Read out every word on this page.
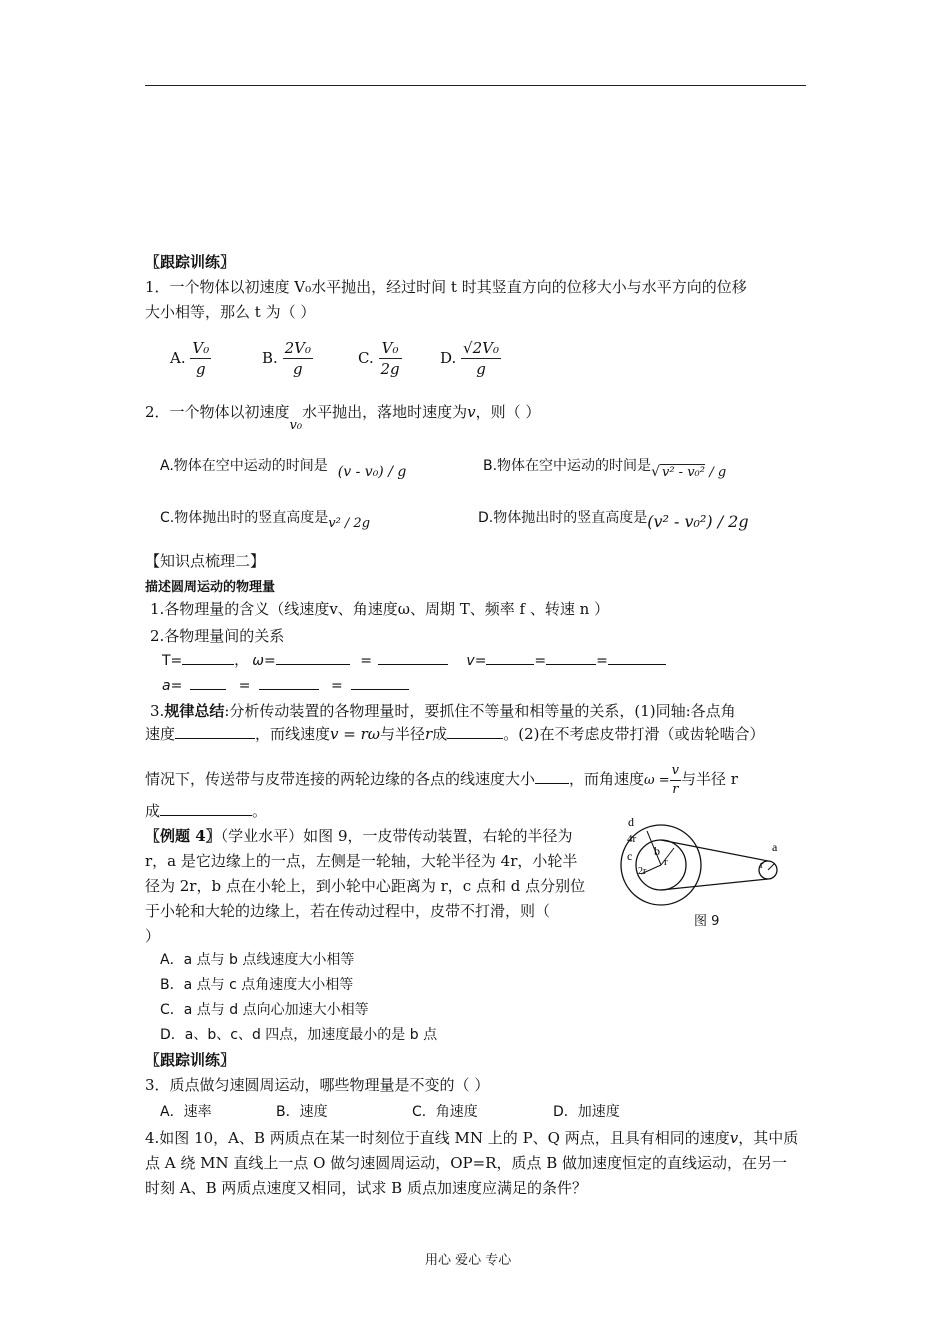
〖跟踪训练〗
1．一个物体以初速度 V₀水平抛出，经过时间 t 时其竖直方向的位移大小与水平方向的位移
大小相等，那么 t 为（ ）
A. $\frac{\text{V₀}}{g}$	B. $\frac{\text{2V₀}}{g}$	C. $\frac{\text{V₀}}{2g}$	D. $\frac{\text{√2V₀}}{g}$
2．一个物体以初速度v₀水平抛出，落地时速度为v，则（ ）
A.物体在空中运动的时间是 (v - v₀) / g	B.物体在空中运动的时间是√ v² - v₀² / g
C.物体抛出时的竖直高度是v² / 2g	D.物体抛出时的竖直高度是(v² - v₀²) / 2g
【知识点梳理二】
描述圆周运动的物理量
1.各物理量的含义（线速度v、角速度ω、周期 T、频率 f 、转速 n ）
2.各物理量间的关系
T=	， ω=	=	v=	=	=
a=	=	=
3.规律总结:分析传动装置的各物理量时，要抓住不等量和相等量的关系，(1)同轴:各点角
速度	，而线速度v = rω与半径r成	。(2)在不考虑皮带打滑（或齿轮啮合）
情况下，传送带与皮带连接的两轮边缘的各点的线速度大小 ，而角速度$\omega = \frac{v}{r}$ 与半径 r
成	。
〖例题 4〗（学业水平）如图 9，一皮带传动装置，右轮的半径为
r，a 是它边缘上的一点，左侧是一轮轴，大轮半径为 4r，小轮半
径为 2r，b 点在小轮上，到小轮中心距离为 r，c 点和 d 点分别位
于小轮和大轮的边缘上，若在传动过程中，皮带不打滑，则（
）
A．a 点与 b 点线速度大小相等
B．a 点与 c 点角速度大小相等
C．a 点与 d 点向心加速大小相等
D．a、b、c、d 四点，加速度最小的是 b 点
d
4r
c b
r
2r
a
r
图 9
〖跟踪训练〗
3．质点做匀速圆周运动，哪些物理量是不变的（ ）
A．速率	B．速度	C．角速度	D．加速度
4.如图 10，A、B 两质点在某一时刻位于直线 MN 上的 P、Q 两点，且具有相同的速度v，其中质
点 A 绕 MN 直线上一点 O 做匀速圆周运动，OP=R，质点 B 做加速度恒定的直线运动，在另一
时刻 A、B 两质点速度又相同，试求 B 质点加速度应满足的条件？
用心 爱心 专心
